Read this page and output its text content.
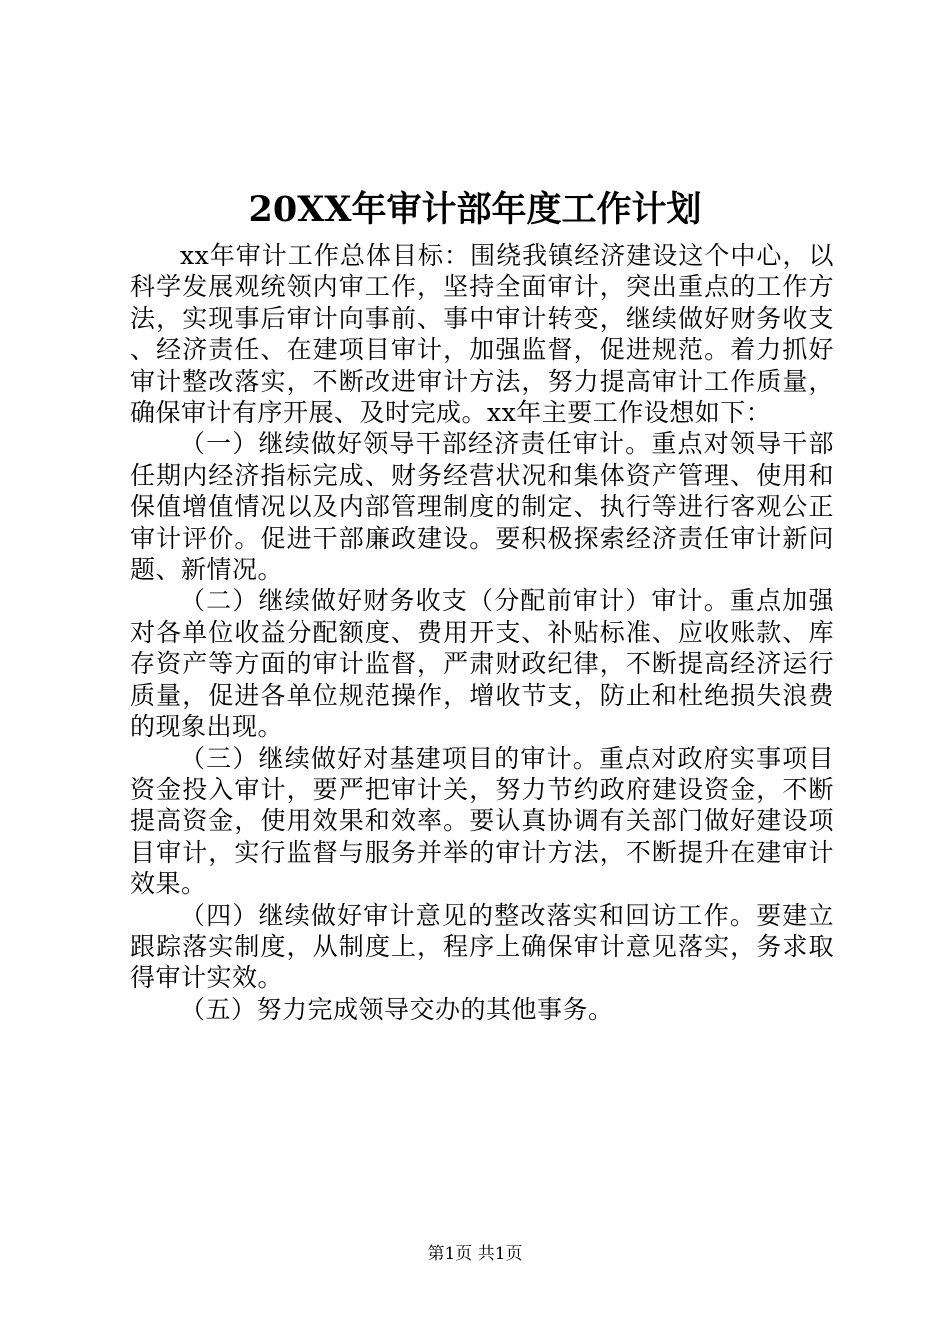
20XX年审计部年度工作计划

xx年审计工作总体目标：围绕我镇经济建设这个中心，以科学发展观统领内审工作，坚持全面审计，突出重点的工作方法，实现事后审计向事前、事中审计转变，继续做好财务收支、经济责任、在建项目审计，加强监督，促进规范。着力抓好审计整改落实，不断改进审计方法，努力提高审计工作质量，确保审计有序开展、及时完成。xx年主要工作设想如下：

（一）继续做好领导干部经济责任审计。重点对领导干部任期内经济指标完成、财务经营状况和集体资产管理、使用和保值增值情况以及内部管理制度的制定、执行等进行客观公正审计评价。促进干部廉政建设。要积极探索经济责任审计新问题、新情况。

（二）继续做好财务收支（分配前审计）审计。重点加强对各单位收益分配额度、费用开支、补贴标准、应收账款、库存资产等方面的审计监督，严肃财政纪律，不断提高经济运行质量，促进各单位规范操作，增收节支，防止和杜绝损失浪费的现象出现。

（三）继续做好对基建项目的审计。重点对政府实事项目资金投入审计，要严把审计关，努力节约政府建设资金，不断提高资金，使用效果和效率。要认真协调有关部门做好建设项目审计，实行监督与服务并举的审计方法，不断提升在建审计效果。

（四）继续做好审计意见的整改落实和回访工作。要建立跟踪落实制度，从制度上，程序上确保审计意见落实，务求取得审计实效。

（五）努力完成领导交办的其他事务。

第1页 共1页
